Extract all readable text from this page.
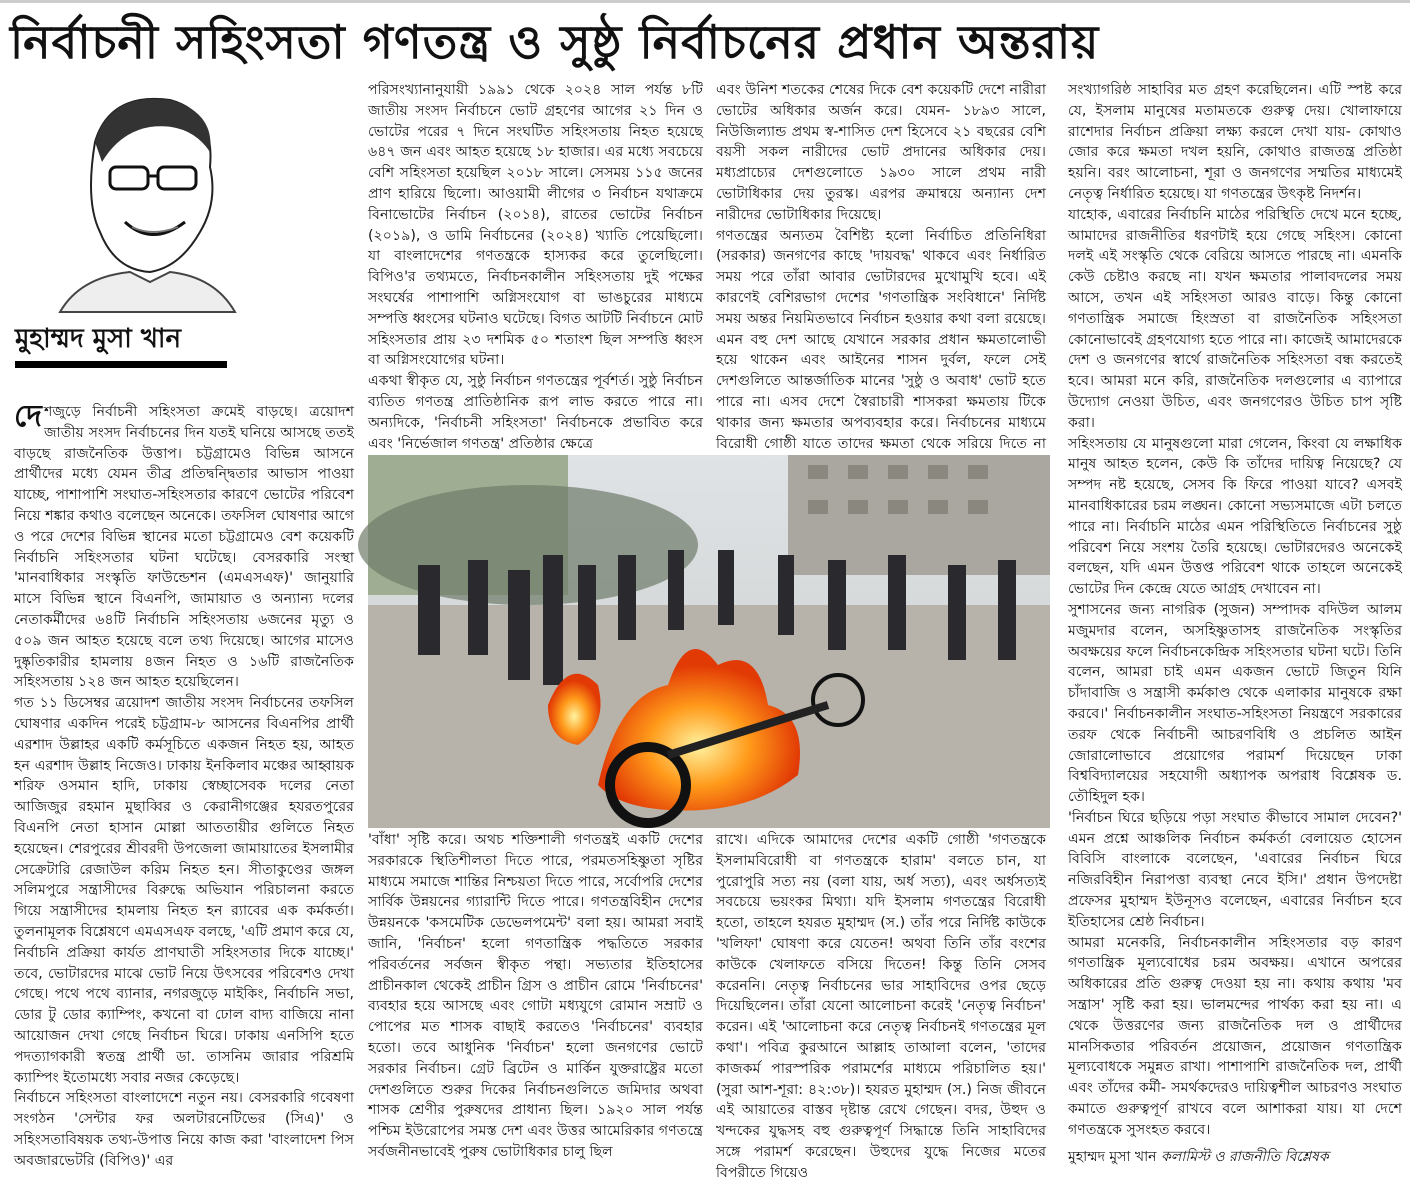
নির্বাচনী সহিংসতা গণতন্ত্র ও সুষ্ঠু নির্বাচনের প্রধান অন্তরায়
মুহাম্মদ মুসা খান

দেশজুড়ে নির্বাচনী সহিংসতা ক্রমেই বাড়ছে। ত্রয়োদশ জাতীয় সংসদ নির্বাচনের দিন যতই ঘনিয়ে আসছে ততই বাড়ছে রাজনৈতিক উত্তাপ। চট্টগ্রামেও বিভিন্ন আসনে প্রার্থীদের মধ্যে যেমন তীব্র প্রতিদ্বন্দ্বিতার আভাস পাওয়া যাচ্ছে, পাশাপাশি সংঘাত-সহিংসতার কারণে ভোটের পরিবেশ নিয়ে শঙ্কার কথাও বলেছেন অনেকে। তফসিল ঘোষণার আগে ও পরে দেশের বিভিন্ন স্থানের মতো চট্টগ্রামেও বেশ কয়েকটি নির্বাচনি সহিংসতার ঘটনা ঘটেছে। বেসরকারি সংস্থা 'মানবাধিকার সংস্কৃতি ফাউন্ডেশন (এমএসএফ)' জানুয়ারি মাসে বিভিন্ন স্থানে বিএনপি, জামায়াত ও অন্যান্য দলের নেতাকর্মীদের ৬৪টি নির্বাচনি সহিংসতায় ৬জনের মৃত্যু ও ৫০৯ জন আহত হয়েছে বলে তথ্য দিয়েছে। আগের মাসেও দুষ্কৃতিকারীর হামলায় ৪জন নিহত ও ১৬টি রাজনৈতিক সহিংসতায় ১২৪ জন আহত হয়েছিলেন।

গত ১১ ডিসেম্বর ত্রয়োদশ জাতীয় সংসদ নির্বাচনের তফসিল ঘোষণার একদিন পরেই চট্টগ্রাম-৮ আসনের বিএনপির প্রার্থী এরশাদ উল্লাহর একটি কর্মসূচিতে একজন নিহত হয়, আহত হন এরশাদ উল্লাহ নিজেও। ঢাকায় ইনকিলাব মঞ্চের আহ্বায়ক শরিফ ওসমান হাদি, ঢাকায় স্বেচ্ছাসেবক দলের নেতা আজিজুর রহমান মুছাব্বির ও কেরানীগঞ্জের হযরতপুরের বিএনপি নেতা হাসান মোল্লা আততায়ীর গুলিতে নিহত হয়েছেন। শেরপুরের শ্রীবরদী উপজেলা জামায়াতের ইসলামীর সেক্রেটারি রেজাউল করিম নিহত হন। সীতাকুণ্ডের জঙ্গল সলিমপুরে সন্ত্রাসীদের বিরুদ্ধে অভিযান পরিচালনা করতে গিয়ে সন্ত্রাসীদের হামলায় নিহত হন র‍্যাবের এক কর্মকর্তা। তুলনামূলক বিশ্লেষণে এমএসএফ বলছে, 'এটি প্রমাণ করে যে, নির্বাচনি প্রক্রিয়া কার্যত প্রাণঘাতী সহিংসতার দিকে যাচ্ছে।' তবে, ভোটারদের মাঝে ভোট নিয়ে উৎসবের পরিবেশও দেখা গেছে। পথে পথে ব্যানার, নগরজুড়ে মাইকিং, নির্বাচনি সভা, ডোর টু ডোর ক্যাম্পিং, কখনো বা ঢোল বাদ্য বাজিয়ে নানা আয়োজন দেখা গেছে নির্বাচন ঘিরে। ঢাকায় এনসিপি হতে পদত্যাগকারী স্বতন্ত্র প্রার্থী ডা. তাসনিম জারার পরিশ্রমি ক্যাম্পিং ইতোমধ্যে সবার নজর কেড়েছে।

নির্বাচনে সহিংসতা বাংলাদেশে নতুন নয়। বেসরকারি গবেষণা সংগঠন 'সেন্টার ফর অলটারনেটিভের (সিএ)' ও সহিংসতাবিষয়ক তথ্য-উপাত্ত নিয়ে কাজ করা 'বাংলাদেশ পিস অবজারভেটরি (বিপিও)' এর

পরিসংখ্যানানুযায়ী ১৯৯১ থেকে ২০২৪ সাল পর্যন্ত ৮টি জাতীয় সংসদ নির্বাচনে ভোট গ্রহণের আগের ২১ দিন ও ভোটের পরের ৭ দিনে সংঘটিত সহিংসতায় নিহত হয়েছে ৬৪৭ জন এবং আহত হয়েছে ১৮ হাজার। এর মধ্যে সবচেয়ে বেশি সহিংসতা হয়েছিল ২০১৮ সালে। সেসময় ১১৫ জনের প্রাণ হারিয়ে ছিলো। আওয়ামী লীগের ৩ নির্বাচন যথাক্রমে বিনাভোটের নির্বাচন (২০১৪), রাতের ভোটের নির্বাচন (২০১৯), ও ডামি নির্বাচনের (২০২৪) খ্যাতি পেয়েছিলো। যা বাংলাদেশের গণতন্ত্রকে হাস্যকর করে তুলেছিলো। বিপিও'র তথ্যমতে, নির্বাচনকালীন সহিংসতায় দুই পক্ষের সংঘর্ষের পাশাপাশি অগ্নিসংযোগ বা ভাঙচুরের মাধ্যমে সম্পত্তি ধ্বংসের ঘটনাও ঘটেছে। বিগত আটটি নির্বাচনে মোট সহিংসতার প্রায় ২৩ দশমিক ৫০ শতাংশ ছিল সম্পত্তি ধ্বংস বা অগ্নিসংযোগের ঘটনা।

একথা স্বীকৃত যে, সুষ্ঠু নির্বাচন গণতন্ত্রের পূর্বশর্ত। সুষ্ঠু নির্বাচন ব্যতিত গণতন্ত্র প্রাতিষ্ঠানিক রূপ লাভ করতে পারে না। অন্যদিকে, 'নির্বাচনী সহিংসতা' নির্বাচনকে প্রভাবিত করে এবং 'নির্ভেজাল গণতন্ত্র' প্রতিষ্ঠার ক্ষেত্রে

'বাঁধা' সৃষ্টি করে। অথচ শক্তিশালী গণতন্ত্রই একটি দেশের সরকারকে স্থিতিশীলতা দিতে পারে, পরমতসহিষ্ণুতা সৃষ্টির মাধ্যমে সমাজে শান্তির নিশ্চয়তা দিতে পারে, সর্বোপরি দেশের সার্বিক উন্নয়নের গ্যারান্টি দিতে পারে। গণতন্ত্রবিহীন দেশের উন্নয়নকে 'কসমেটিক ডেভেলপমেন্ট' বলা হয়। আমরা সবাই জানি, 'নির্বাচন' হলো গণতান্ত্রিক পদ্ধতিতে সরকার পরিবর্তনের সর্বজন স্বীকৃত পন্থা। সভ্যতার ইতিহাসের প্রাচীনকাল থেকেই প্রাচীন গ্রিস ও প্রাচীন রোমে 'নির্বাচনের' ব্যবহার হয়ে আসছে এবং গোটা মধ্যযুগে রোমান সম্রাট ও পোপের মত শাসক বাছাই করতেও 'নির্বাচনের' ব্যবহার হতো। তবে আধুনিক 'নির্বাচন' হলো জনগণের ভোটে সরকার নির্বাচন। গ্রেট ব্রিটেন ও মার্কিন যুক্তরাষ্ট্রের মতো দেশগুলিতে শুরুর দিকের নির্বাচনগুলিতে জমিদার অথবা শাসক শ্রেণীর পুরুষদের প্রাধান্য ছিল। ১৯২০ সাল পর্যন্ত পশ্চিম ইউরোপের সমস্ত দেশ এবং উত্তর আমেরিকার গণতন্ত্রে সর্বজনীনভাবেই পুরুষ ভোটাধিকার চালু ছিল

এবং উনিশ শতকের শেষের দিকে বেশ কয়েকটি দেশে নারীরা ভোটের অধিকার অর্জন করে। যেমন- ১৮৯৩ সালে, নিউজিল্যান্ড প্রথম স্ব-শাসিত দেশ হিসেবে ২১ বছরের বেশি বয়সী সকল নারীদের ভোট প্রদানের অধিকার দেয়। মধ্যপ্রাচ্যের দেশগুলোতে ১৯৩০ সালে প্রথম নারী ভোটাধিকার দেয় তুরস্ক। এরপর ক্রমান্বয়ে অন্যান্য দেশ নারীদের ভোটাধিকার দিয়েছে।

গণতন্ত্রের অন্যতম বৈশিষ্ট্য হলো নির্বাচিত প্রতিনিধিরা (সরকার) জনগণের কাছে 'দায়বদ্ধ' থাকবে এবং নির্ধারিত সময় পরে তাঁরা আবার ভোটারদের মুখোমুখি হবে। এই কারণেই বেশিরভাগ দেশের 'গণতান্ত্রিক সংবিধানে' নির্দিষ্ট সময় অন্তর নিয়মিতভাবে নির্বাচন হওয়ার কথা বলা রয়েছে। এমন বহু দেশ আছে যেখানে সরকার প্রধান ক্ষমতালোভী হয়ে থাকেন এবং আইনের শাসন দুর্বল, ফলে সেই দেশগুলিতে আন্তর্জাতিক মানের 'সুষ্ঠু ও অবাধ' ভোট হতে পারে না। এসব দেশে স্বৈরাচারী শাসকরা ক্ষমতায় টিকে থাকার জন্য ক্ষমতার অপব্যবহার করে। নির্বাচনের মাধ্যমে বিরোধী গোষ্ঠী যাতে তাদের ক্ষমতা থেকে সরিয়ে দিতে না

রাখে। এদিকে আমাদের দেশের একটি গোষ্ঠী 'গণতন্ত্রকে ইসলামবিরোধী বা গণতন্ত্রকে হারাম' বলতে চান, যা পুরোপুরি সত্য নয় (বলা যায়, অর্ধ সত্য), এবং অর্ধসত্যই সবচেয়ে ভয়ংকর মিথ্যা। যদি ইসলাম গণতন্ত্রের বিরোধী হতো, তাহলে হযরত মুহাম্মদ (স.) তাঁর পরে নির্দিষ্ট কাউকে 'খলিফা' ঘোষণা করে যেতেন! অথবা তিনি তাঁর বংশের কাউকে খেলাফতে বসিয়ে দিতেন! কিন্তু তিনি সেসব করেননি। নেতৃত্ব নির্বাচনের ভার সাহাবিদের ওপর ছেড়ে দিয়েছিলেন। তাঁরা যেনো আলোচনা করেই 'নেতৃত্ব নির্বাচন' করেন। এই 'আলোচনা করে নেতৃত্ব নির্বাচনই গণতন্ত্রের মূল কথা'। পবিত্র কুরআনে আল্লাহ তাআলা বলেন, 'তাদের কাজকর্ম পারস্পরিক পরামর্শের মাধ্যমে পরিচালিত হয়।' (সুরা আশ-শূরা: ৪২:৩৮)। হযরত মুহাম্মদ (স.) নিজ জীবনে এই আয়াতের বাস্তব দৃষ্টান্ত রেখে গেছেন। বদর, উহুদ ও খন্দকের যুদ্ধসহ বহু গুরুত্বপূর্ণ সিদ্ধান্তে তিনি সাহাবিদের সঙ্গে পরামর্শ করেছেন। উহুদের যুদ্ধে নিজের মতের বিপরীতে গিয়েও

সংখ্যাগরিষ্ঠ সাহাবির মত গ্রহণ করেছিলেন। এটি স্পষ্ট করে যে, ইসলাম মানুষের মতামতকে গুরুত্ব দেয়। খোলাফায়ে রাশেদার নির্বাচন প্রক্রিয়া লক্ষ্য করলে দেখা যায়- কোথাও জোর করে ক্ষমতা দখল হয়নি, কোথাও রাজতন্ত্র প্রতিষ্ঠা হয়নি। বরং আলোচনা, শূরা ও জনগণের সম্মতির মাধ্যমেই নেতৃত্ব নির্ধারিত হয়েছে। যা গণতন্ত্রের উৎকৃষ্ট নিদর্শন।

যাহোক, এবারের নির্বাচনি মাঠের পরিস্থিতি দেখে মনে হচ্ছে, আমাদের রাজনীতির ধরণটাই হয়ে গেছে সহিংস। কোনো দলই এই সংস্কৃতি থেকে বেরিয়ে আসতে পারছে না। এমনকি কেউ চেষ্টাও করছে না। যখন ক্ষমতার পালাবদলের সময় আসে, তখন এই সহিংসতা আরও বাড়ে। কিন্তু কোনো গণতান্ত্রিক সমাজে হিংস্রতা বা রাজনৈতিক সহিংসতা কোনোভাবেই গ্রহণযোগ্য হতে পারে না। কাজেই আমাদেরকে দেশ ও জনগণের স্বার্থে রাজনৈতিক সহিংসতা বন্ধ করতেই হবে। আমরা মনে করি, রাজনৈতিক দলগুলোর এ ব্যাপারে উদ্যোগ নেওয়া উচিত, এবং জনগণেরও উচিত চাপ সৃষ্টি করা।

সহিংসতায় যে মানুষগুলো মারা গেলেন, কিংবা যে লক্ষাধিক মানুষ আহত হলেন, কেউ কি তাঁদের দায়িত্ব নিয়েছে? যে সম্পদ নষ্ট হয়েছে, সেসব কি ফিরে পাওয়া যাবে? এসবই মানবাধিকারের চরম লঙ্ঘন। কোনো সভ্যসমাজে এটা চলতে পারে না। নির্বাচনি মাঠের এমন পরিস্থিতিতে নির্বাচনের সুষ্ঠু পরিবেশ নিয়ে সংশয় তৈরি হয়েছে। ভোটারদেরও অনেকেই বলছেন, যদি এমন উত্তপ্ত পরিবেশ থাকে তাহলে অনেকেই ভোটের দিন কেন্দ্রে যেতে আগ্রহ দেখাবেন না।

সুশাসনের জন্য নাগরিক (সুজন) সম্পাদক বদিউল আলম মজুমদার বলেন, অসহিষ্ণুতাসহ রাজনৈতিক সংস্কৃতির অবক্ষয়ের ফলে নির্বাচনকেন্দ্রিক সহিংসতার ঘটনা ঘটে। তিনি বলেন, আমরা চাই এমন একজন ভোটে জিতুন যিনি চাঁদাবাজি ও সন্ত্রাসী কর্মকাণ্ড থেকে এলাকার মানুষকে রক্ষা করবে।' নির্বাচনকালীন সংঘাত-সহিংসতা নিয়ন্ত্রণে সরকারের তরফ থেকে নির্বাচনী আচরণবিধি ও প্রচলিত আইন জোরালোভাবে প্রয়োগের পরামর্শ দিয়েছেন ঢাকা বিশ্ববিদ্যালয়ের সহযোগী অধ্যাপক অপরাধ বিশ্লেষক ড. তৌহিদুল হক।

'নির্বাচন ঘিরে ছড়িয়ে পড়া সংঘাত কীভাবে সামাল দেবেন?' এমন প্রশ্নে আঞ্চলিক নির্বাচন কর্মকর্তা বেলায়েত হোসেন বিবিসি বাংলাকে বলেছেন, 'এবারের নির্বাচন ঘিরে নজিরবিহীন নিরাপত্তা ব্যবস্থা নেবে ইসি।' প্রধান উপদেষ্টা প্রফেসর মুহাম্মদ ইউনূসও বলেছেন, এবারের নির্বাচন হবে ইতিহাসের শ্রেষ্ঠ নির্বাচন।

আমরা মনেকরি, নির্বাচনকালীন সহিংসতার বড় কারণ গণতান্ত্রিক মূল্যবোধের চরম অবক্ষয়। এখানে অপরের অধিকারের প্রতি গুরুত্ব দেওয়া হয় না। কথায় কথায় 'মব সন্ত্রাস' সৃষ্টি করা হয়। ভালমন্দের পার্থক্য করা হয় না। এ থেকে উত্তরণের জন্য রাজনৈতিক দল ও প্রার্থীদের মানসিকতার পরিবর্তন প্রয়োজন, প্রয়োজন গণতান্ত্রিক মূল্যবোধকে সমুন্নত রাখা। পাশাপাশি রাজনৈতিক দল, প্রার্থী এবং তাঁদের কর্মী- সমর্থকদেরও দায়িত্বশীল আচরণও সংঘাত কমাতে গুরুত্বপূর্ণ রাখবে বলে আশাকরা যায়। যা দেশে গণতন্ত্রকে সুসংহত করবে।

মুহাম্মদ মুসা খান কলামিস্ট ও রাজনীতি বিশ্লেষক
